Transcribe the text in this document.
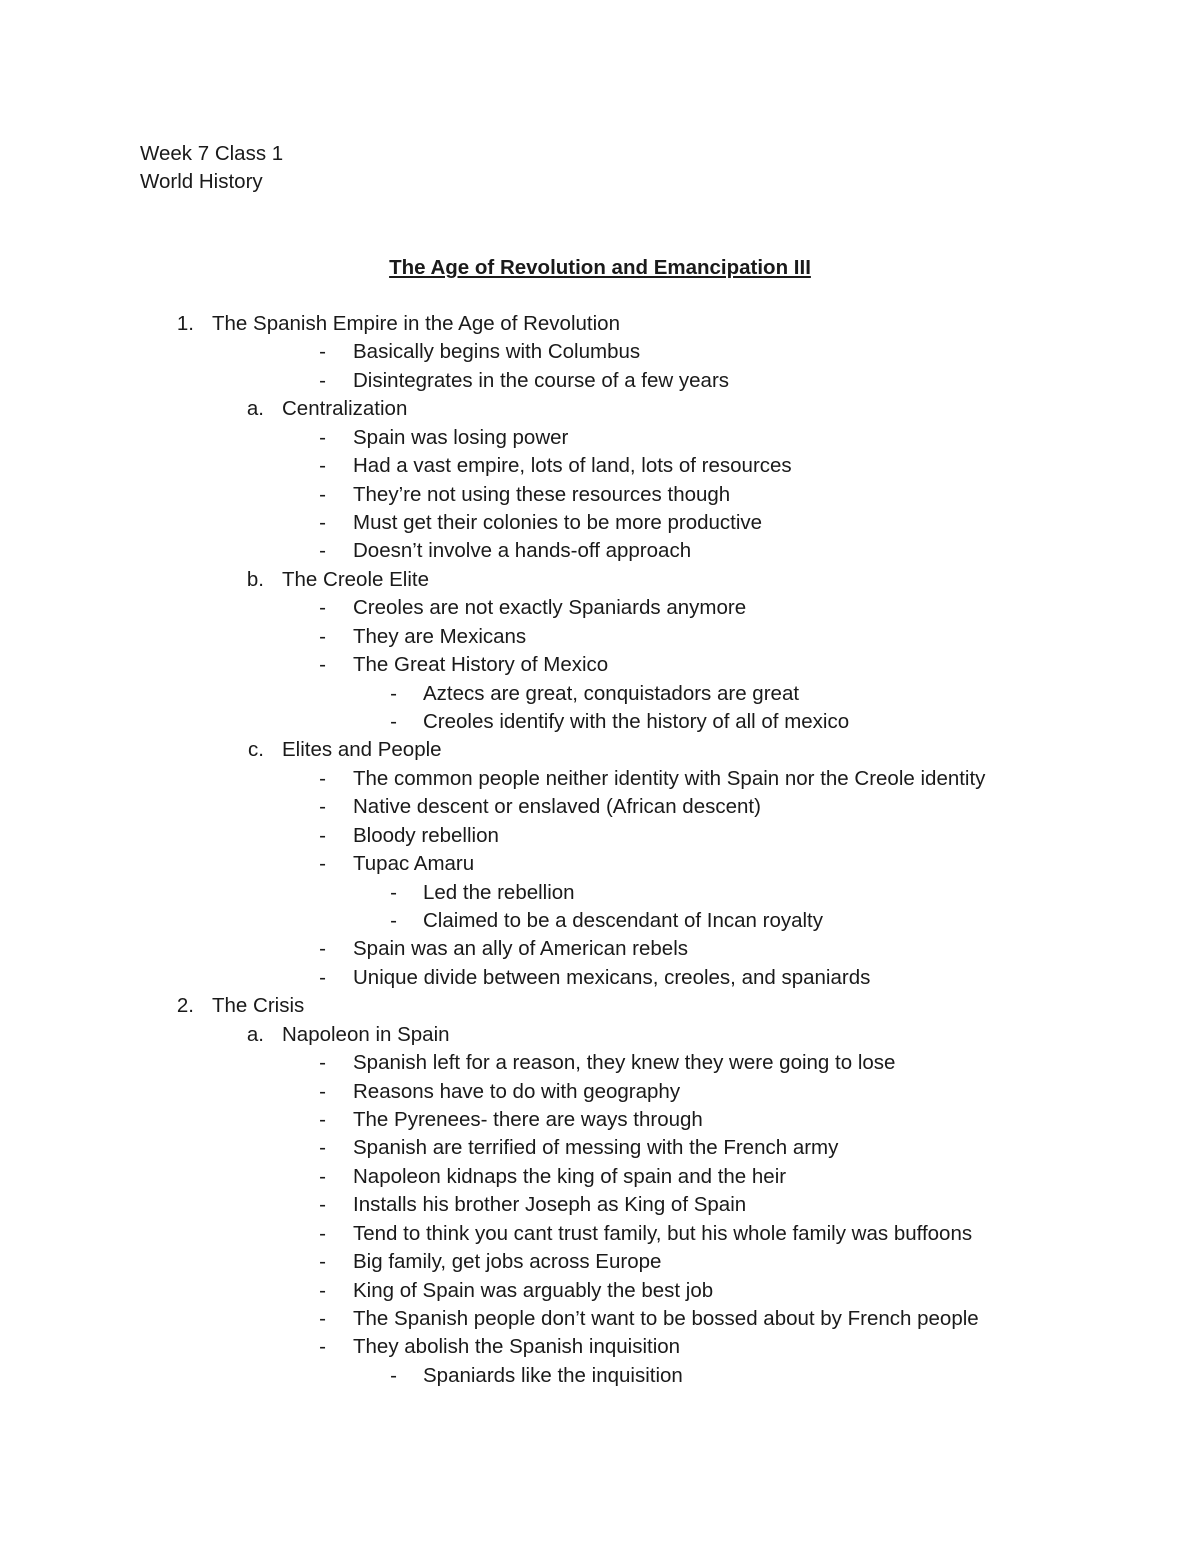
Week 7 Class 1
World History
The Age of Revolution and Emancipation III
1. The Spanish Empire in the Age of Revolution
- Basically begins with Columbus
- Disintegrates in the course of a few years
a. Centralization
- Spain was losing power
- Had a vast empire, lots of land, lots of resources
- They’re not using these resources though
- Must get their colonies to be more productive
- Doesn’t involve a hands-off approach
b. The Creole Elite
- Creoles are not exactly Spaniards anymore
- They are Mexicans
- The Great History of Mexico
- Aztecs are great, conquistadors are great
- Creoles identify with the history of all of mexico
c. Elites and People
- The common people neither identity with Spain nor the Creole identity
- Native descent or enslaved (African descent)
- Bloody rebellion
- Tupac Amaru
- Led the rebellion
- Claimed to be a descendant of Incan royalty
- Spain was an ally of American rebels
- Unique divide between mexicans, creoles, and spaniards
2. The Crisis
a. Napoleon in Spain
- Spanish left for a reason, they knew they were going to lose
- Reasons have to do with geography
- The Pyrenees- there are ways through
- Spanish are terrified of messing with the French army
- Napoleon kidnaps the king of spain and the heir
- Installs his brother Joseph as King of Spain
- Tend to think you cant trust family, but his whole family was buffoons
- Big family, get jobs across Europe
- King of Spain was arguably the best job
- The Spanish people don’t want to be bossed about by French people
- They abolish the Spanish inquisition
- Spaniards like the inquisition
